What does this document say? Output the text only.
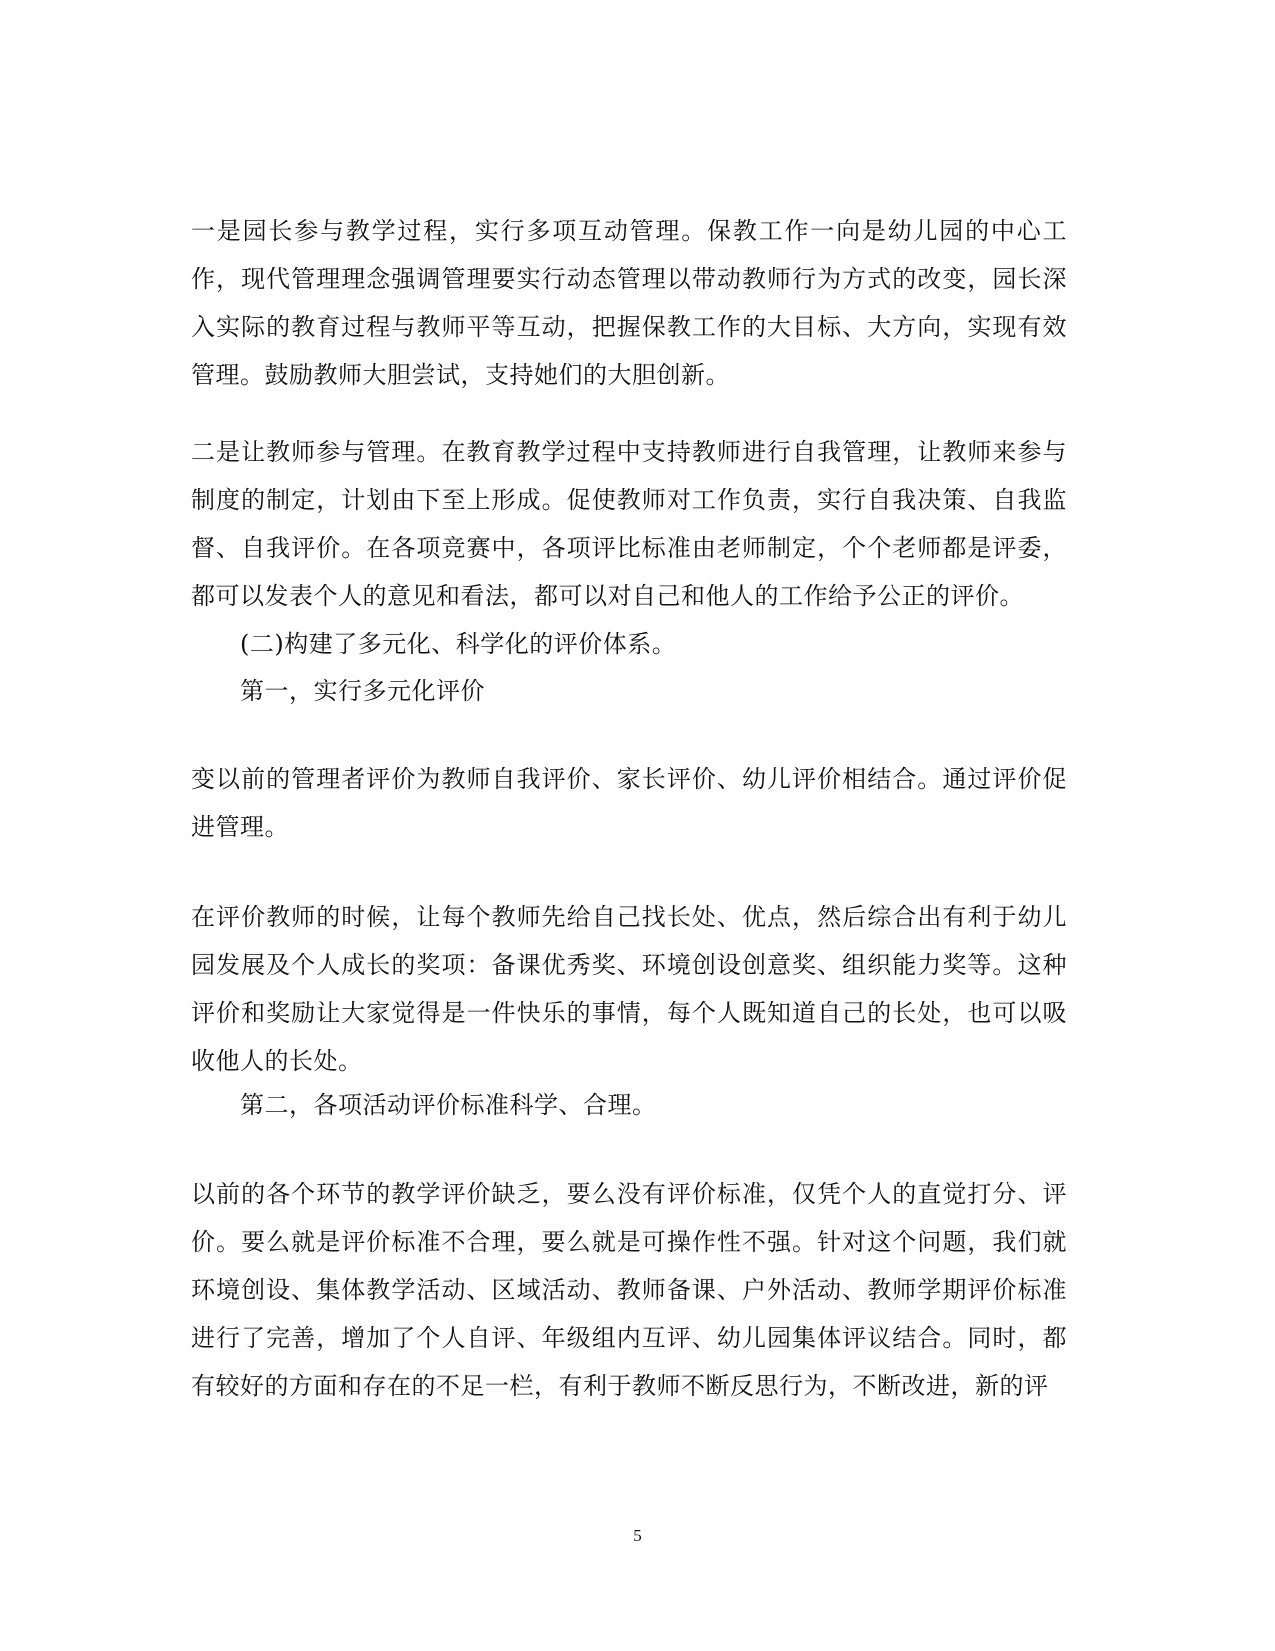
一是园长参与教学过程，实行多项互动管理。保教工作一向是幼儿园的中心工作，现代管理理念强调管理要实行动态管理以带动教师行为方式的改变，园长深入实际的教育过程与教师平等互动，把握保教工作的大目标、大方向，实现有效管理。鼓励教师大胆尝试，支持她们的大胆创新。

二是让教师参与管理。在教育教学过程中支持教师进行自我管理，让教师来参与制度的制定，计划由下至上形成。促使教师对工作负责，实行自我决策、自我监督、自我评价。在各项竞赛中，各项评比标准由老师制定，个个老师都是评委，都可以发表个人的意见和看法，都可以对自己和他人的工作给予公正的评价。

(二)构建了多元化、科学化的评价体系。

第一，实行多元化评价

变以前的管理者评价为教师自我评价、家长评价、幼儿评价相结合。通过评价促进管理。

在评价教师的时候，让每个教师先给自己找长处、优点，然后综合出有利于幼儿园发展及个人成长的奖项：备课优秀奖、环境创设创意奖、组织能力奖等。这种评价和奖励让大家觉得是一件快乐的事情，每个人既知道自己的长处，也可以吸收他人的长处。

第二，各项活动评价标准科学、合理。

以前的各个环节的教学评价缺乏，要么没有评价标准，仅凭个人的直觉打分、评价。要么就是评价标准不合理，要么就是可操作性不强。针对这个问题，我们就环境创设、集体教学活动、区域活动、教师备课、户外活动、教师学期评价标准进行了完善，增加了个人自评、年级组内互评、幼儿园集体评议结合。同时，都有较好的方面和存在的不足一栏，有利于教师不断反思行为，不断改进，新的评

5
